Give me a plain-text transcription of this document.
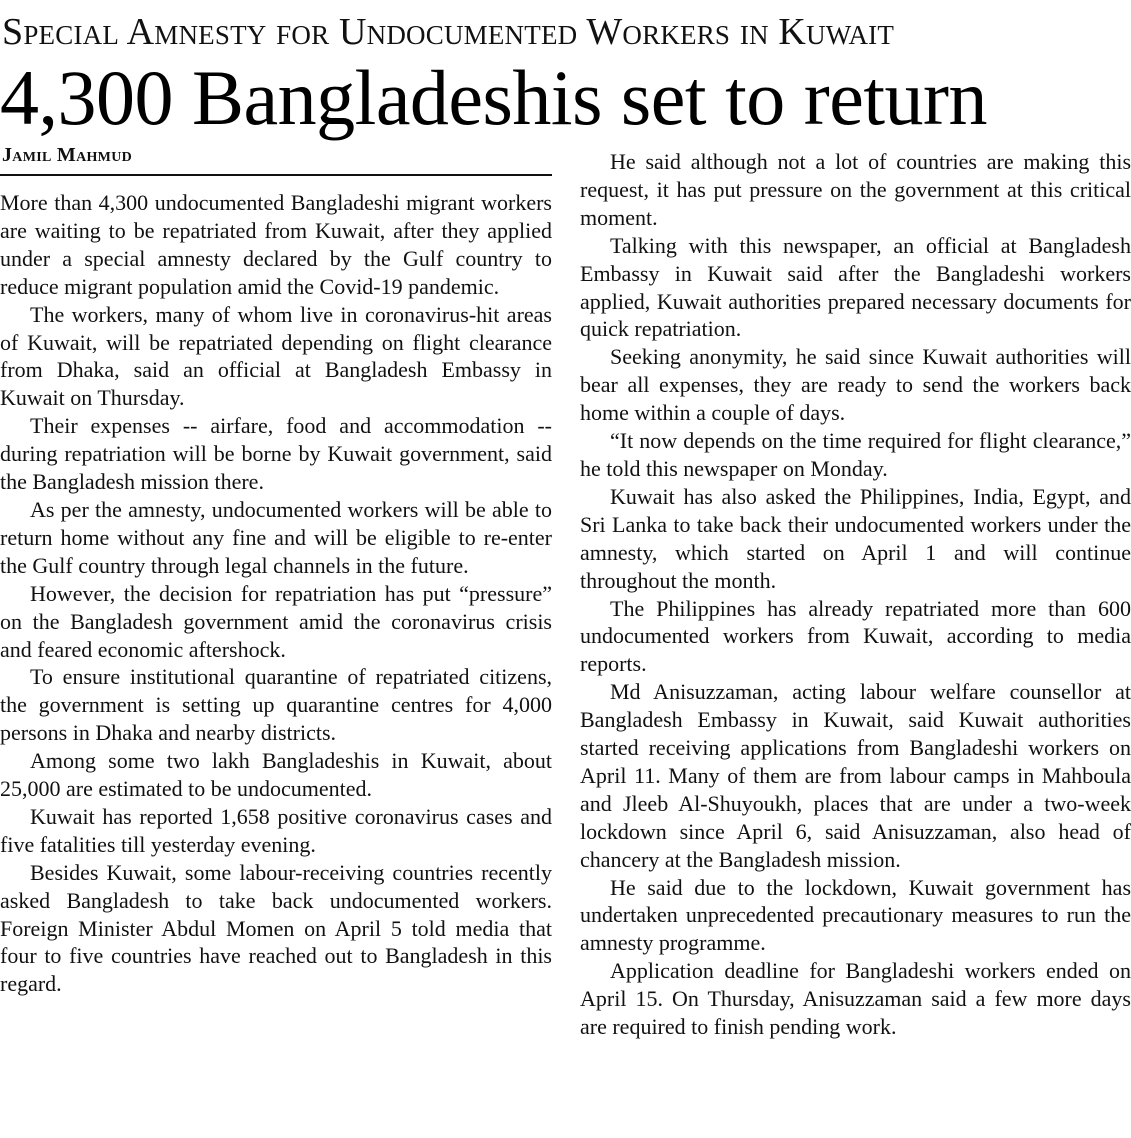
Special Amnesty for Undocumented Workers in Kuwait
4,300 Bangladeshis set to return
Jamil Mahmud

More than 4,300 undocumented Bangladeshi migrant workers are waiting to be repatriated from Kuwait, after they applied under a special amnesty declared by the Gulf country to reduce migrant population amid the Covid-19 pandemic.

The workers, many of whom live in coronavirus-hit areas of Kuwait, will be repatriated depending on flight clearance from Dhaka, said an official at Bangladesh Embassy in Kuwait on Thursday.

Their expenses -- airfare, food and accommodation -- during repatriation will be borne by Kuwait government, said the Bangladesh mission there.

As per the amnesty, undocumented workers will be able to return home without any fine and will be eligible to re-enter the Gulf country through legal channels in the future.

However, the decision for repatriation has put “pressure” on the Bangladesh government amid the coronavirus crisis and feared economic aftershock.

To ensure institutional quarantine of repatriated citizens, the government is setting up quarantine centres for 4,000 persons in Dhaka and nearby districts.

Among some two lakh Bangladeshis in Kuwait, about 25,000 are estimated to be undocumented.

Kuwait has reported 1,658 positive coronavirus cases and five fatalities till yesterday evening.

Besides Kuwait, some labour-receiving countries recently asked Bangladesh to take back undocumented workers. Foreign Minister Abdul Momen on April 5 told media that four to five countries have reached out to Bangladesh in this regard.

He said although not a lot of countries are making this request, it has put pressure on the government at this critical moment.

Talking with this newspaper, an official at Bangladesh Embassy in Kuwait said after the Bangladeshi workers applied, Kuwait authorities prepared necessary documents for quick repatriation.

Seeking anonymity, he said since Kuwait authorities will bear all expenses, they are ready to send the workers back home within a couple of days.

“It now depends on the time required for flight clearance,” he told this newspaper on Monday.

Kuwait has also asked the Philippines, India, Egypt, and Sri Lanka to take back their undocumented workers under the amnesty, which started on April 1 and will continue throughout the month.

The Philippines has already repatriated more than 600 undocumented workers from Kuwait, according to media reports.

Md Anisuzzaman, acting labour welfare counsellor at Bangladesh Embassy in Kuwait, said Kuwait authorities started receiving applications from Bangladeshi workers on April 11. Many of them are from labour camps in Mahboula and Jleeb Al-Shuyoukh, places that are under a two-week lockdown since April 6, said Anisuzzaman, also head of chancery at the Bangladesh mission.

He said due to the lockdown, Kuwait government has undertaken unprecedented precautionary measures to run the amnesty programme.

Application deadline for Bangladeshi workers ended on April 15. On Thursday, Anisuzzaman said a few more days are required to finish pending work.
